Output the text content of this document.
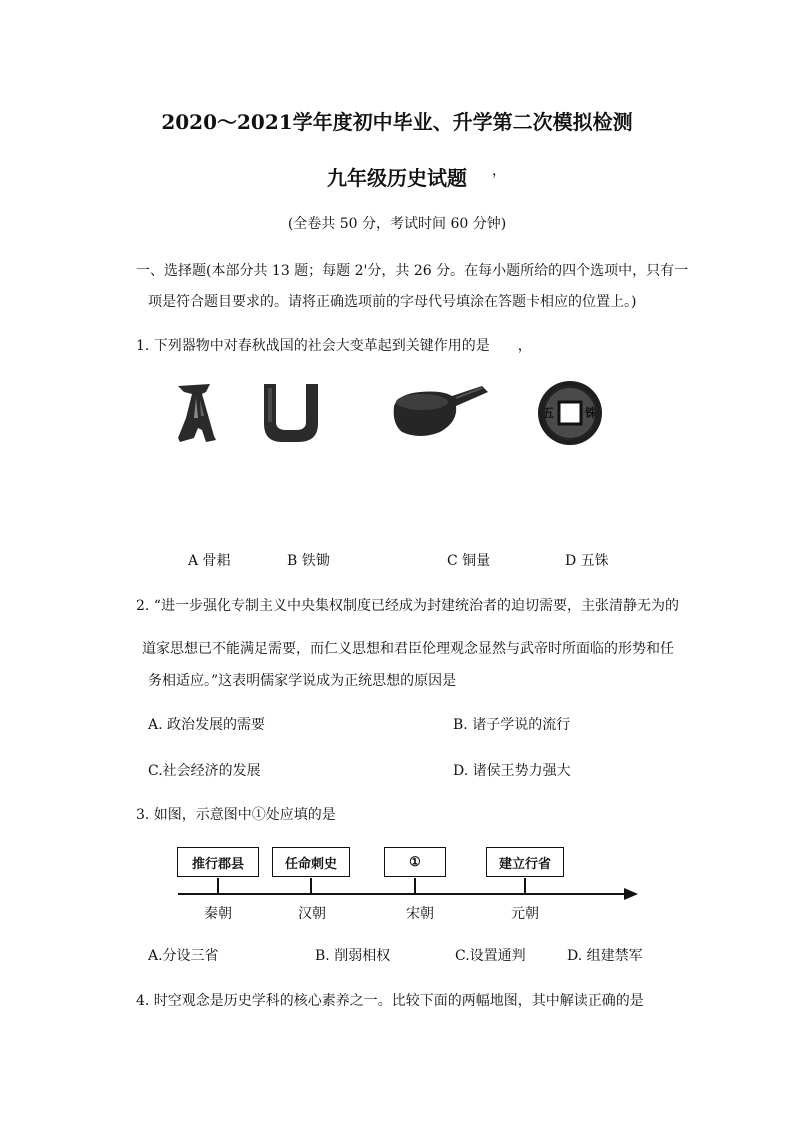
2020～2021学年度初中毕业、升学第二次模拟检测
九年级历史试题	，
(全卷共 50 分，考试时间 60 分钟)
一、选择题(本部分共 13 题；每题 2'分，共 26 分。在每小题所给的四个选项中，只有一
项是符合题目要求的。请将正确选项前的字母代号填涂在答题卡相应的位置上。)
1. 下列器物中对春秋战国的社会大变革起到关键作用的是　　，
五	铢
A 骨耜	B 铁锄	C 铜量	D 五铢
2. “进一步强化专制主义中央集权制度已经成为封建统治者的迫切需要，主张清静无为的
道家思想已不能满足需要，而仁义思想和君臣伦理观念显然与武帝时所面临的形势和任
务相适应。”这表明儒家学说成为正统思想的原因是
A. 政治发展的需要	B. 诸子学说的流行
C.社会经济的发展	D. 诸侯王势力强大
3. 如图，示意图中①处应填的是
推行郡县	任命刺史	①	建立行省
秦朝	汉朝	宋朝	元朝
A.分设三省	B. 削弱相权	C.设置通判	D. 组建禁军
4. 时空观念是历史学科的核心素养之一。比较下面的两幅地图，其中解读正确的是
